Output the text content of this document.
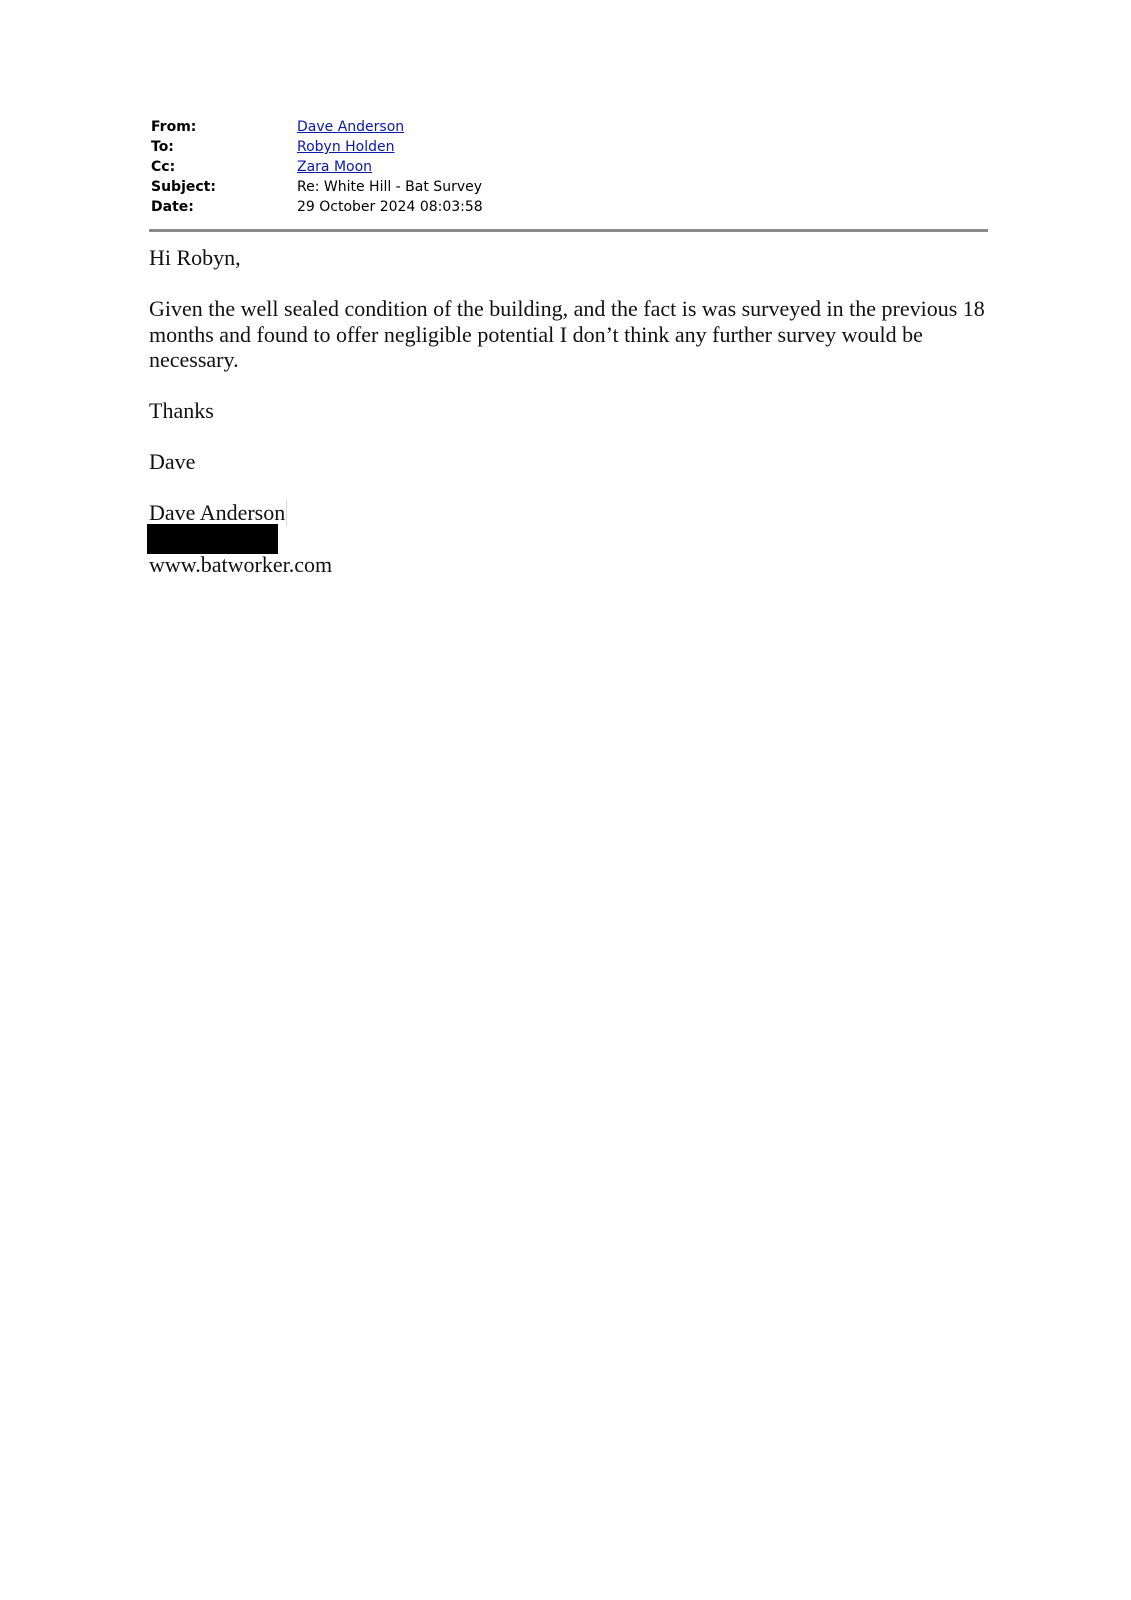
From:	Dave Anderson
To:	Robyn Holden
Cc:	Zara Moon
Subject:	Re: White Hill - Bat Survey
Date:	29 October 2024 08:03:58

Hi Robyn,

Given the well sealed condition of the building, and the fact is was surveyed in the previous 18 months and found to offer negligible potential I don’t think any further survey would be necessary.

Thanks

Dave

Dave Anderson
www.batworker.com
